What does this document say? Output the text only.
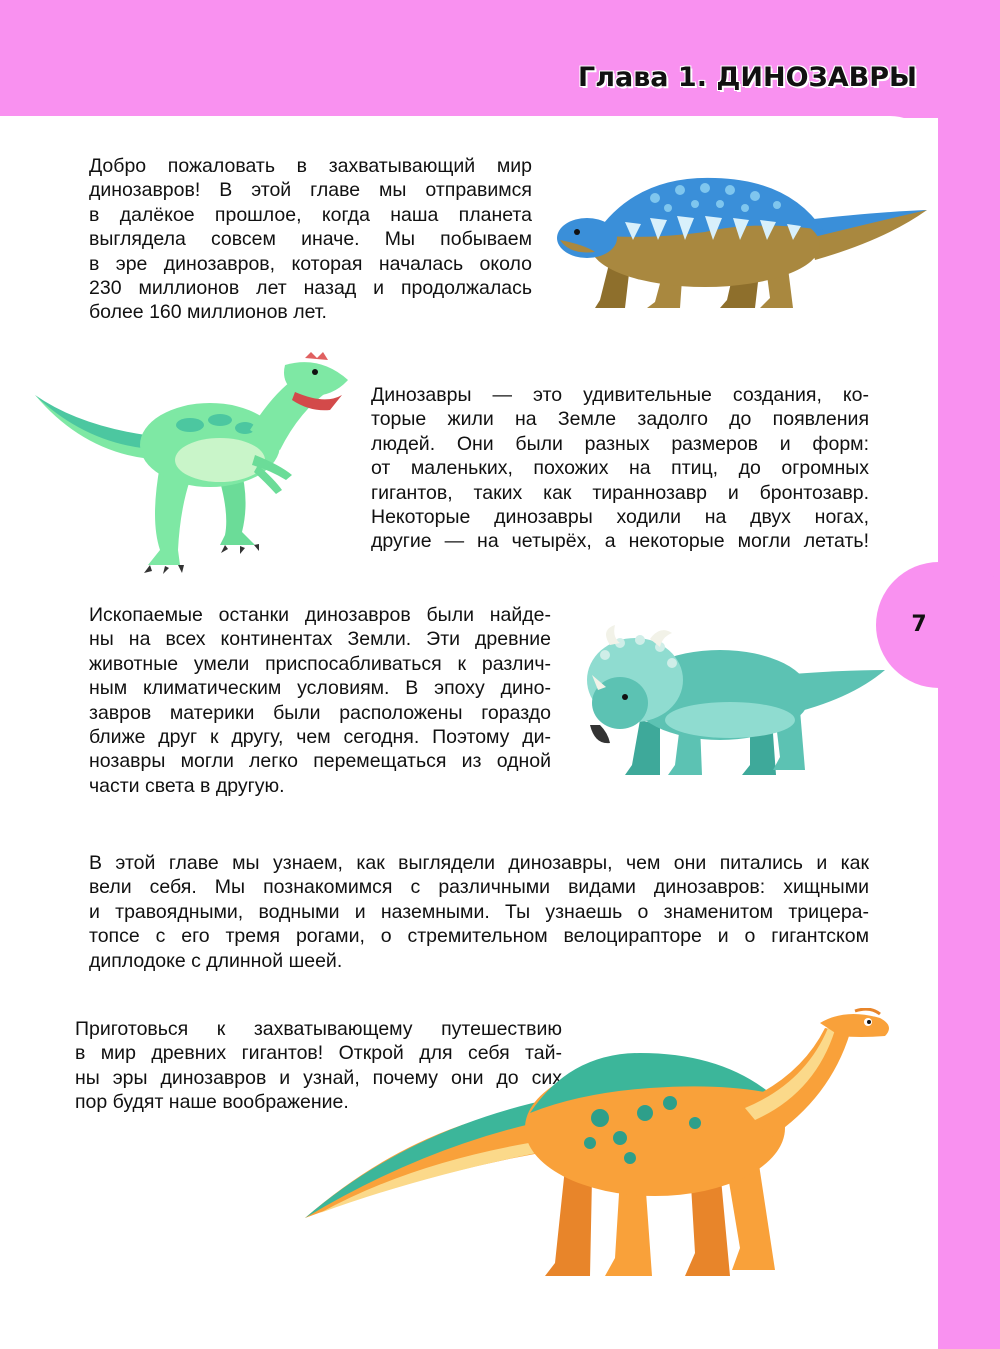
Глава 1. ДИНОЗАВРЫ
7
Добро пожаловать в захватывающий мир
динозавров! В этой главе мы отправимся
в далёкое прошлое, когда наша планета
выглядела совсем иначе. Мы побываем
в эре динозавров, которая началась около
230 миллионов лет назад и продолжалась
более 160 миллионов лет.
Динозавры — это удивительные создания, ко-
торые жили на Земле задолго до появления
людей. Они были разных размеров и форм:
от маленьких, похожих на птиц, до огромных
гигантов, таких как тираннозавр и бронтозавр.
Некоторые динозавры ходили на двух ногах,
другие — на четырёх, а некоторые могли летать!
Ископаемые останки динозавров были найде-
ны на всех континентах Земли. Эти древние
животные умели приспосабливаться к различ-
ным климатическим условиям. В эпоху дино-
завров материки были расположены гораздо
ближе друг к другу, чем сегодня. Поэтому ди-
нозавры могли легко перемещаться из одной
части света в другую.
В этой главе мы узнаем, как выглядели динозавры, чем они питались и как
вели себя. Мы познакомимся с различными видами динозавров: хищными
и травоядными, водными и наземными. Ты узнаешь о знаменитом трицера-
топсе с его тремя рогами, о стремительном велоцирапторе и о гигантском
диплодоке с длинной шеей.
Приготовься к захватывающему путешествию
в мир древних гигантов! Открой для себя тай-
ны эры динозавров и узнай, почему они до сих
пор будят наше воображение.
